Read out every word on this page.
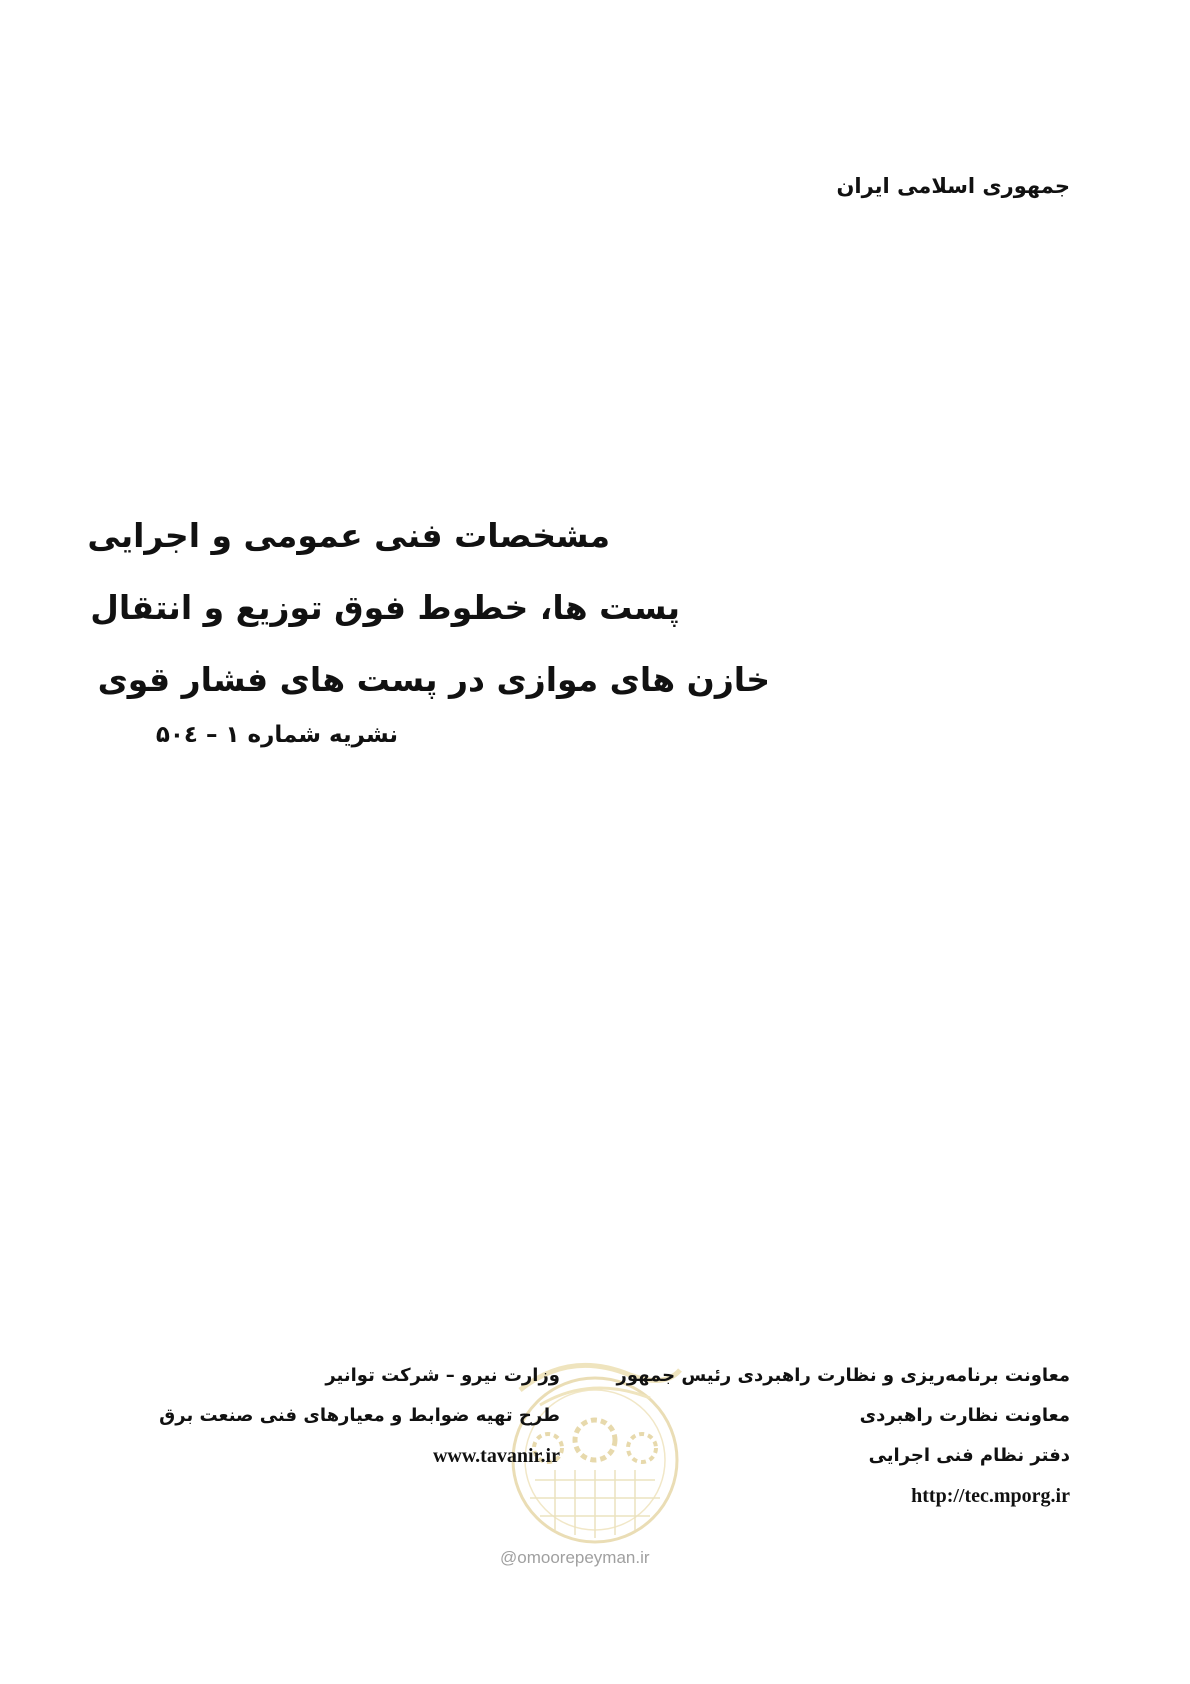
جمهوری اسلامی ایران
مشخصات فنی عمومی و اجرایی
پست ها، خطوط فوق توزیع و انتقال
خازن های موازی در پست های فشار قوی
نشریه شماره ۱ – ۵۰٤
معاونت برنامه‌ریزی و نظارت راهبردی رئیس جمهور
معاونت نظارت راهبردی
دفتر نظام فنی اجرایی
http://tec.mporg.ir
وزارت نیرو – شرکت توانیر
طرح تهیه ضوابط و معیارهای فنی صنعت برق
www.tavanir.ir
@omoorepeyman.ir
